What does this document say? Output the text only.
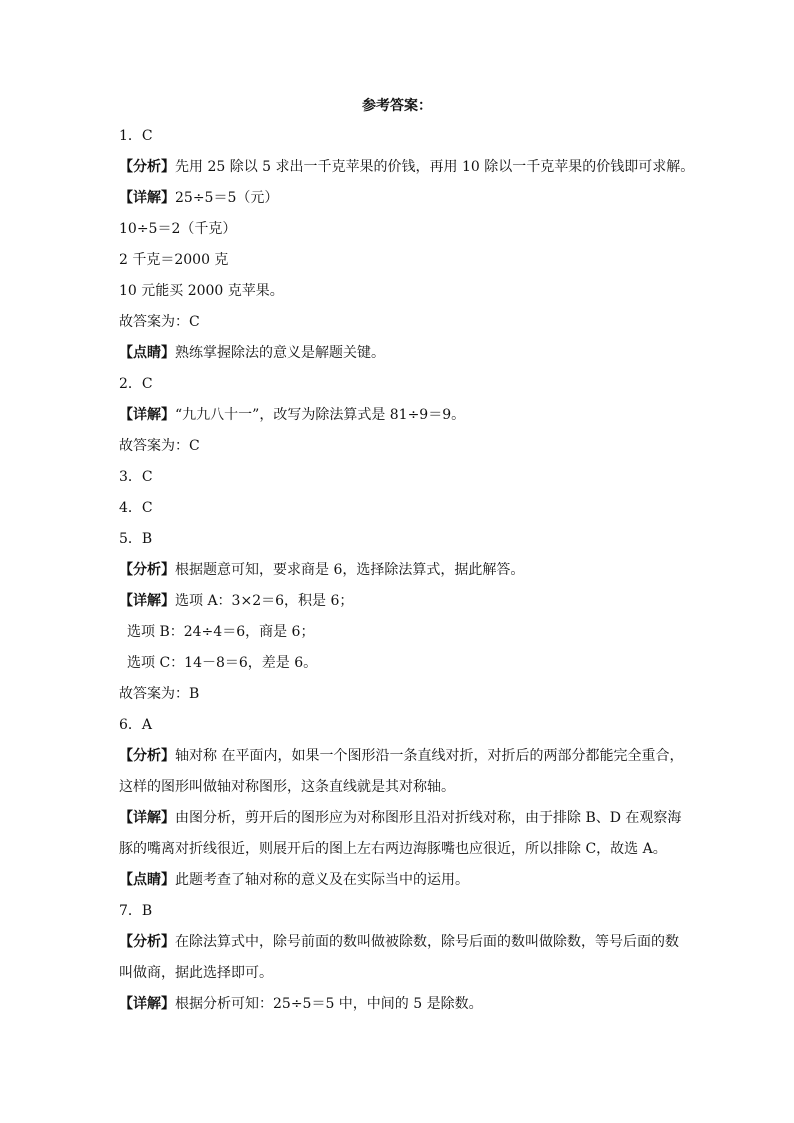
参考答案：
1．C
【分析】先用 25 除以 5 求出一千克苹果的价钱，再用 10 除以一千克苹果的价钱即可求解。
【详解】25÷5＝5（元）
10÷5＝2（千克）
2 千克＝2000 克
10 元能买 2000 克苹果。
故答案为：C
【点睛】熟练掌握除法的意义是解题关键。
2．C
【详解】“九九八十一”，改写为除法算式是 81÷9＝9。
故答案为：C
3．C
4．C
5．B
【分析】根据题意可知，要求商是 6，选择除法算式，据此解答。
【详解】选项 A：3×2＝6，积是 6；
选项 B：24÷4＝6，商是 6；
选项 C：14－8＝6，差是 6。
故答案为：B
6．A
【分析】轴对称 在平面内，如果一个图形沿一条直线对折，对折后的两部分都能完全重合，
这样的图形叫做轴对称图形，这条直线就是其对称轴。
【详解】由图分析，剪开后的图形应为对称图形且沿对折线对称，由于排除 B、D 在观察海
豚的嘴离对折线很近，则展开后的图上左右两边海豚嘴也应很近，所以排除 C，故选 A。
【点睛】此题考查了轴对称的意义及在实际当中的运用。
7．B
【分析】在除法算式中，除号前面的数叫做被除数，除号后面的数叫做除数，等号后面的数
叫做商，据此选择即可。
【详解】根据分析可知：25÷5＝5 中，中间的 5 是除数。
